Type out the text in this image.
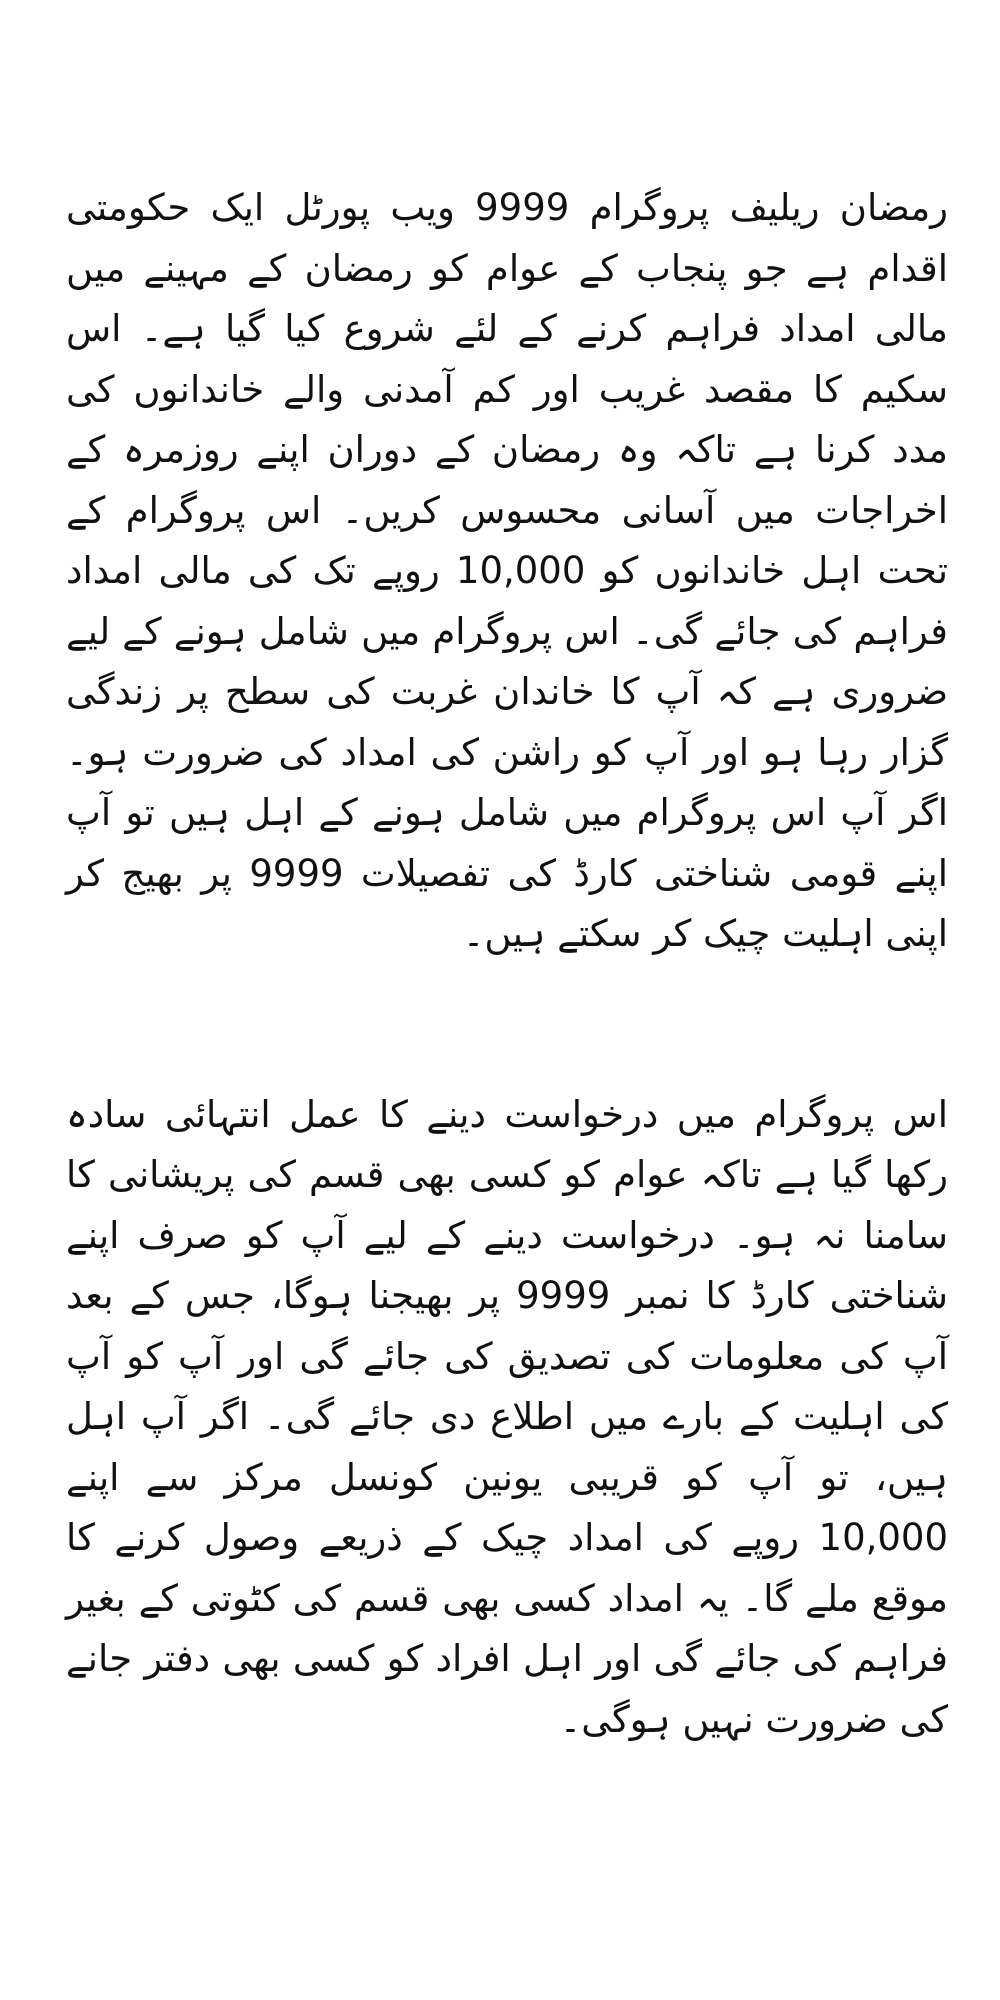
رمضان ریلیف پروگرام 9999 ویب پورٹل ایک حکومتی اقدام ہے جو پنجاب کے عوام کو رمضان کے مہینے میں مالی امداد فراہم کرنے کے لئے شروع کیا گیا ہے۔ اس سکیم کا مقصد غریب اور کم آمدنی والے خاندانوں کی مدد کرنا ہے تاکہ وہ رمضان کے دوران اپنے روزمرہ کے اخراجات میں آسانی محسوس کریں۔ اس پروگرام کے تحت اہل خاندانوں کو 10,000 روپے تک کی مالی امداد فراہم کی جائے گی۔ اس پروگرام میں شامل ہونے کے لیے ضروری ہے کہ آپ کا خاندان غربت کی سطح پر زندگی گزار رہا ہو اور آپ کو راشن کی امداد کی ضرورت ہو۔ اگر آپ اس پروگرام میں شامل ہونے کے اہل ہیں تو آپ اپنے قومی شناختی کارڈ کی تفصیلات 9999 پر بھیج کر اپنی اہلیت چیک کر سکتے ہیں۔

اس پروگرام میں درخواست دینے کا عمل انتہائی سادہ رکھا گیا ہے تاکہ عوام کو کسی بھی قسم کی پریشانی کا سامنا نہ ہو۔ درخواست دینے کے لیے آپ کو صرف اپنے شناختی کارڈ کا نمبر 9999 پر بھیجنا ہوگا، جس کے بعد آپ کی معلومات کی تصدیق کی جائے گی اور آپ کو آپ کی اہلیت کے بارے میں اطلاع دی جائے گی۔ اگر آپ اہل ہیں، تو آپ کو قریبی یونین کونسل مرکز سے اپنے 10,000 روپے کی امداد چیک کے ذریعے وصول کرنے کا موقع ملے گا۔ یہ امداد کسی بھی قسم کی کٹوتی کے بغیر فراہم کی جائے گی اور اہل افراد کو کسی بھی دفتر جانے کی ضرورت نہیں ہوگی۔
